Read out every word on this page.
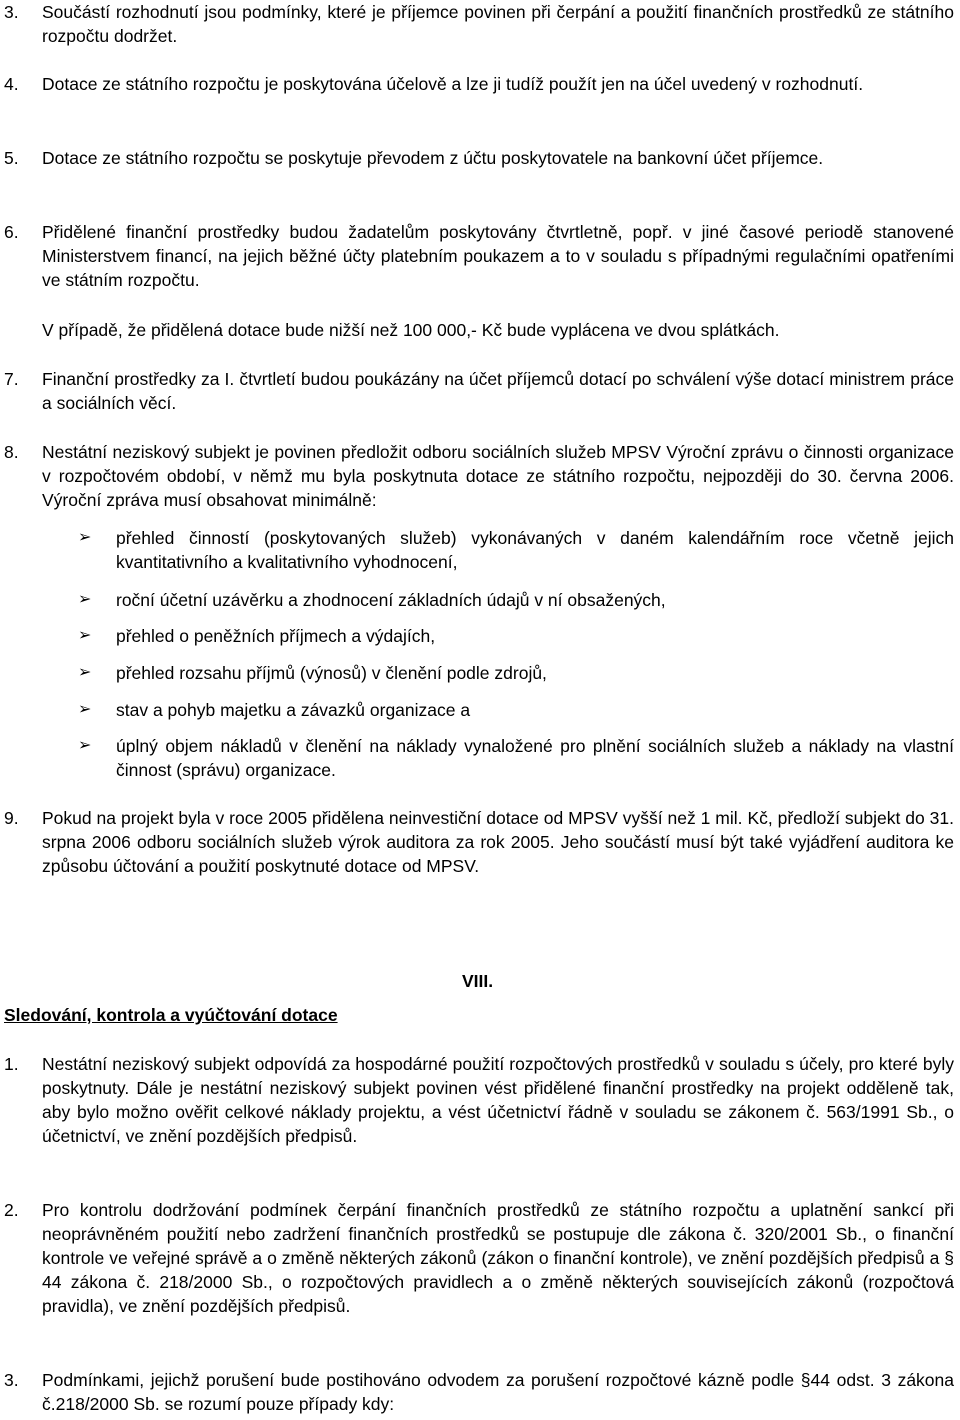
3. Součástí rozhodnutí jsou podmínky, které je příjemce povinen při čerpání a použití finančních prostředků ze státního rozpočtu dodržet.
4. Dotace ze státního rozpočtu je poskytována účelově a lze ji tudíž použít jen na účel uvedený v rozhodnutí.
5. Dotace ze státního rozpočtu se poskytuje převodem z účtu poskytovatele na bankovní účet příjemce.
6. Přidělené finanční prostředky budou žadatelům poskytovány čtvrtletně, popř. v jiné časové periodě stanovené Ministerstvem financí, na jejich běžné účty platebním poukazem a to v souladu s případnými regulačními opatřeními ve státním rozpočtu.
V případě, že přidělená dotace bude nižší než 100 000,- Kč bude vyplácena ve dvou splátkách.
7. Finanční prostředky za I. čtvrtletí budou poukázány na účet příjemců dotací po schválení výše dotací ministrem práce a sociálních věcí.
8. Nestátní neziskový subjekt je povinen předložit odboru sociálních služeb MPSV Výroční zprávu o činnosti organizace v rozpočtovém období, v němž mu byla poskytnuta dotace ze státního rozpočtu, nejpozději do 30. června 2006. Výroční zpráva musí obsahovat minimálně:
➢	přehled činností (poskytovaných služeb) vykonávaných v daném kalendářním roce včetně jejich kvantitativního a kvalitativního vyhodnocení,
➢	roční účetní uzávěrku a zhodnocení základních údajů v ní obsažených,
➢	přehled o peněžních příjmech a výdajích,
➢	přehled rozsahu příjmů (výnosů) v členění podle zdrojů,
➢	stav a pohyb majetku a závazků organizace a
➢	úplný objem nákladů v členění na náklady vynaložené pro plnění sociálních služeb a náklady na vlastní činnost (správu) organizace.
9. Pokud na projekt byla v roce 2005 přidělena neinvestiční dotace od MPSV vyšší než 1 mil. Kč, předloží subjekt do 31. srpna 2006 odboru sociálních služeb výrok auditora za rok 2005. Jeho součástí musí být také vyjádření auditora ke způsobu účtování a použití poskytnuté dotace od MPSV.
VIII.
Sledování, kontrola a vyúčtování dotace
1. Nestátní neziskový subjekt odpovídá za hospodárné použití rozpočtových prostředků v souladu s účely, pro které byly poskytnuty. Dále je nestátní neziskový subjekt povinen vést přidělené finanční prostředky na projekt odděleně tak, aby bylo možno ověřit celkové náklady projektu, a vést účetnictví řádně v souladu se zákonem č. 563/1991 Sb., o účetnictví, ve znění pozdějších předpisů.
2. Pro kontrolu dodržování podmínek čerpání finančních prostředků ze státního rozpočtu a uplatnění sankcí při neoprávněném použití nebo zadržení finančních prostředků se postupuje dle zákona č. 320/2001 Sb., o finanční kontrole ve veřejné správě a o změně některých zákonů (zákon o finanční kontrole), ve znění pozdějších předpisů a § 44 zákona č. 218/2000 Sb., o rozpočtových pravidlech a o změně některých souvisejících zákonů (rozpočtová pravidla), ve znění pozdějších předpisů.
3. Podmínkami, jejichž porušení bude postihováno odvodem za porušení rozpočtové kázně podle §44 odst. 3 zákona č.218/2000 Sb. se rozumí pouze případy kdy:
